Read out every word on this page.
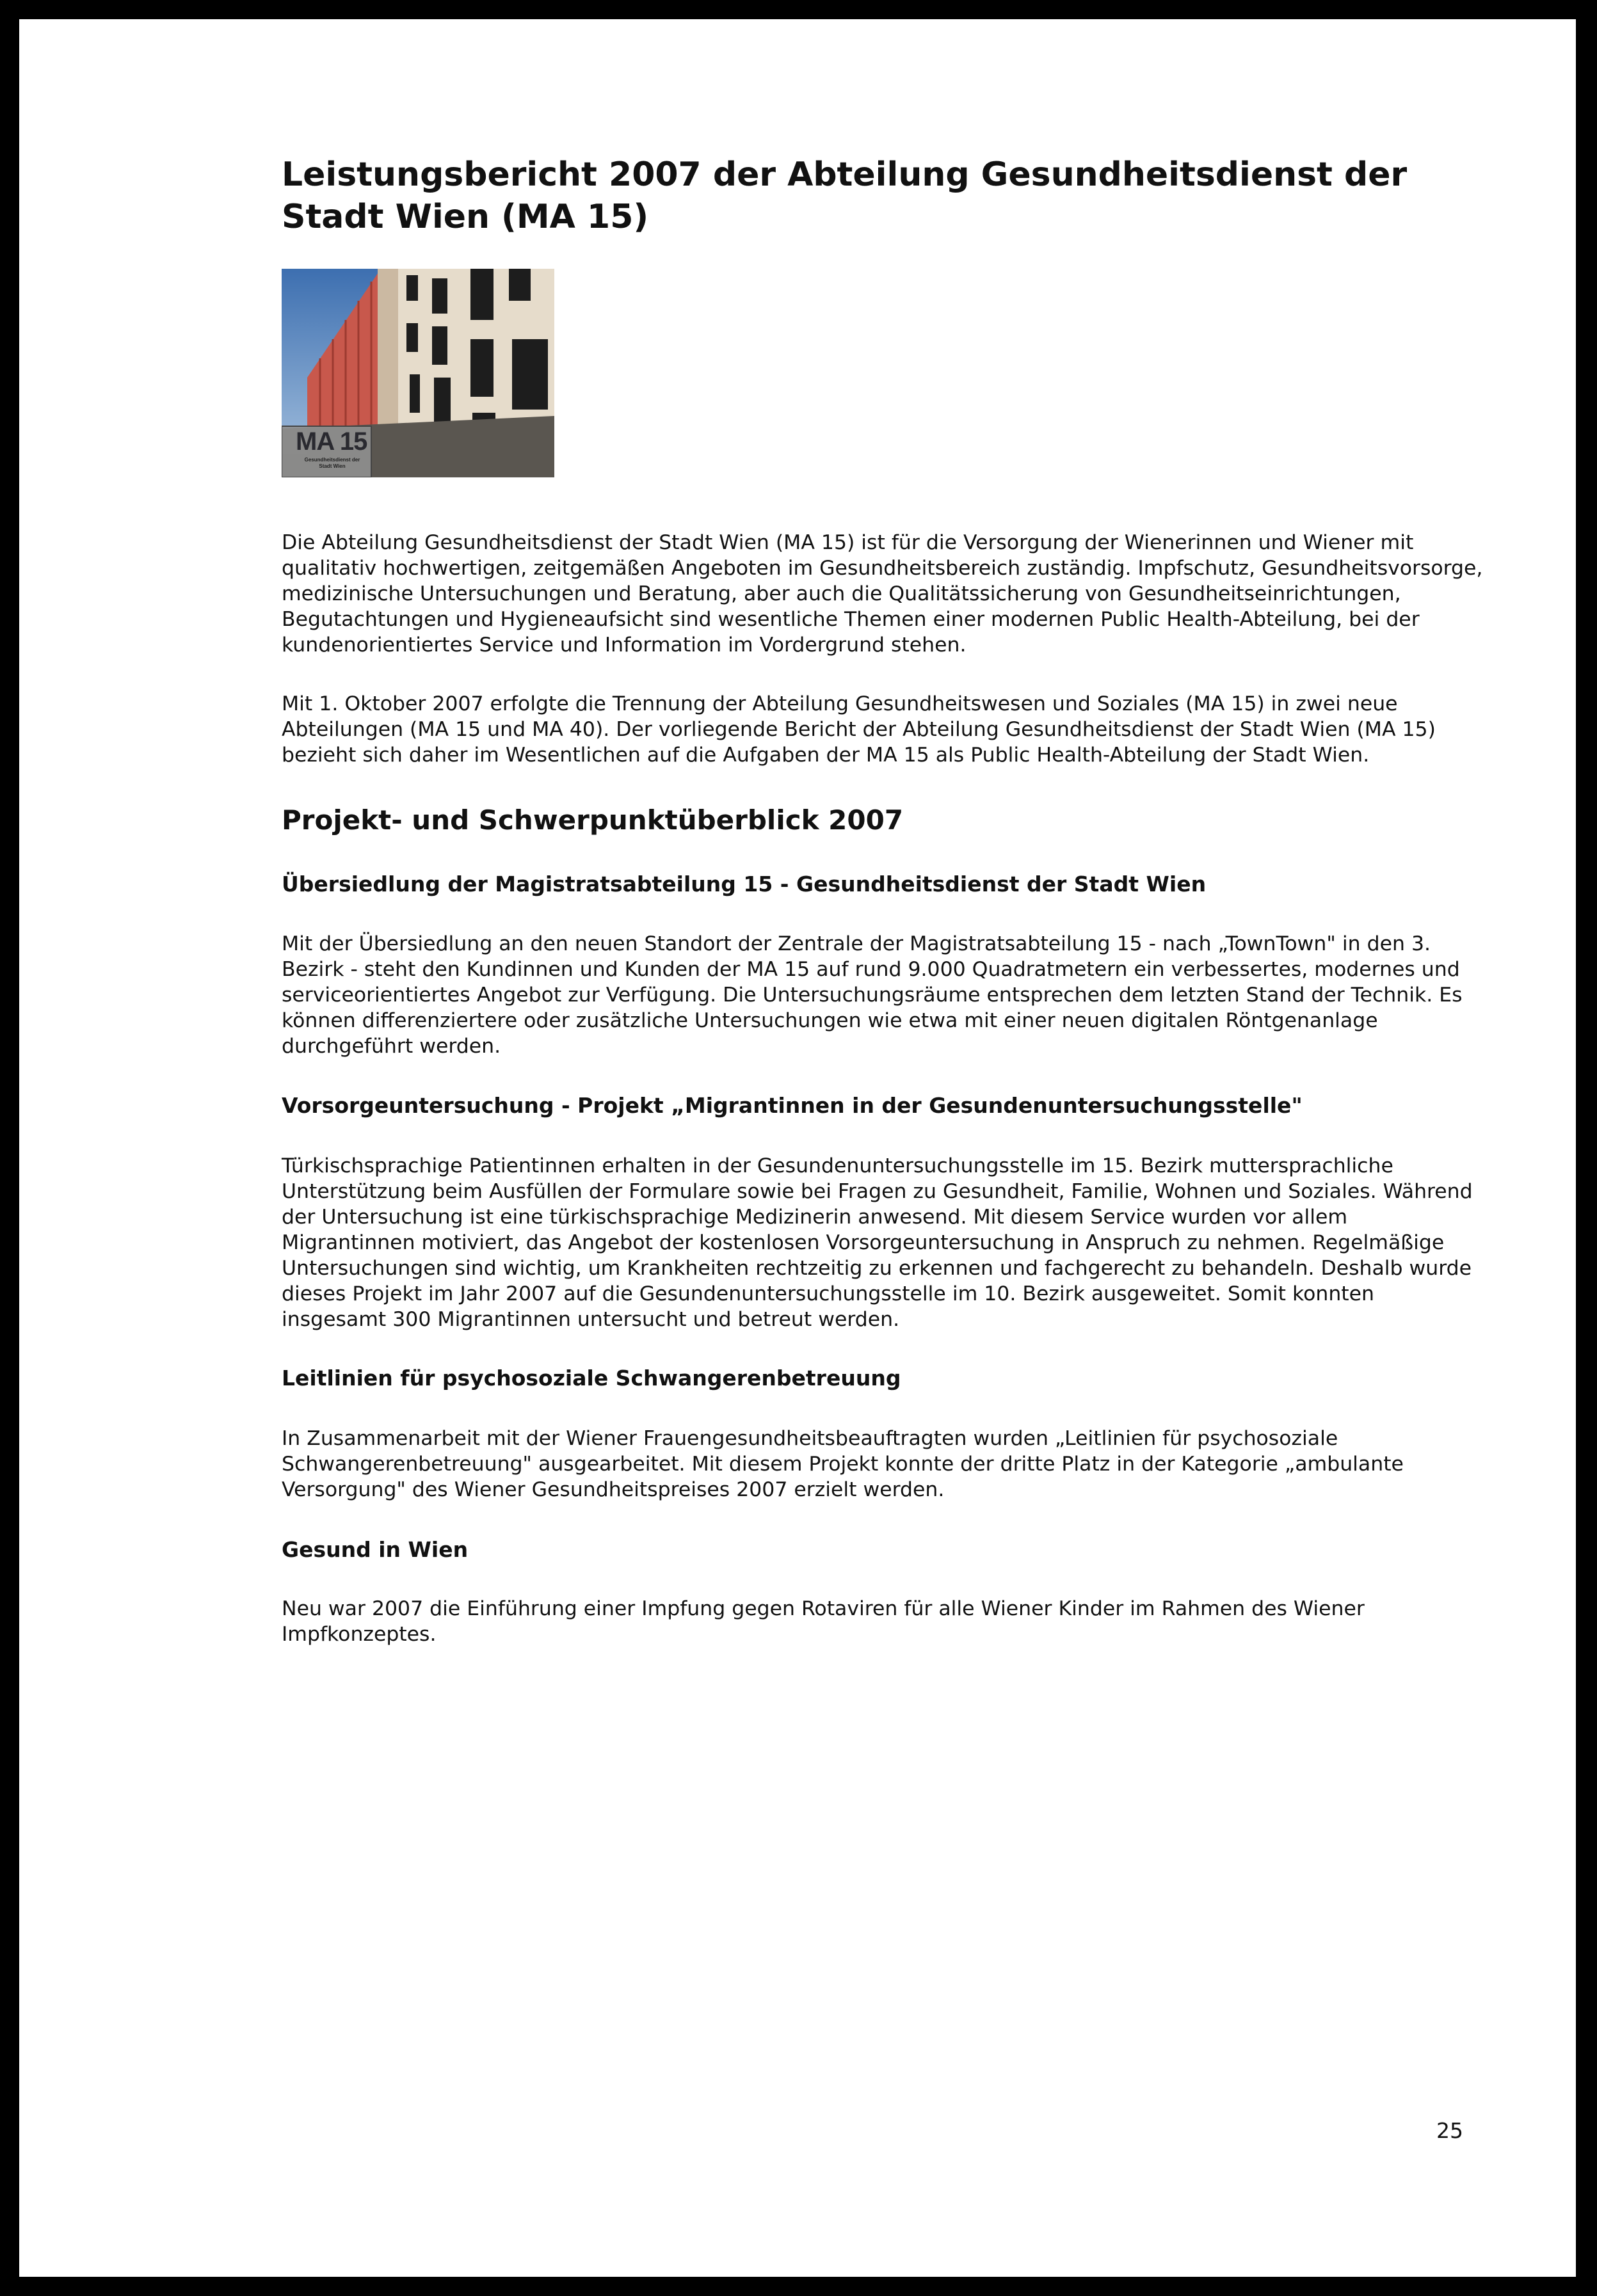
Leistungsbericht 2007 der Abteilung Gesundheitsdienst der Stadt Wien (MA 15)
MA 15
Gesundheitsdienst der Stadt Wien

Die Abteilung Gesundheitsdienst der Stadt Wien (MA 15) ist für die Versorgung der Wienerinnen und Wiener mit qualitativ hochwertigen, zeitgemäßen Angeboten im Gesundheitsbereich zuständig. Impfschutz, Gesundheitsvorsorge, medizinische Untersuchungen und Beratung, aber auch die Qualitätssicherung von Gesundheitseinrichtungen, Begutachtungen und Hygieneaufsicht sind wesentliche Themen einer modernen Public Health-Abteilung, bei der kundenorientiertes Service und Information im Vordergrund stehen.

Mit 1. Oktober 2007 erfolgte die Trennung der Abteilung Gesundheitswesen und Soziales (MA 15) in zwei neue Abteilungen (MA 15 und MA 40). Der vorliegende Bericht der Abteilung Gesundheitsdienst der Stadt Wien (MA 15) bezieht sich daher im Wesentlichen auf die Aufgaben der MA 15 als Public Health-Abteilung der Stadt Wien.

Projekt- und Schwerpunktüberblick 2007
Übersiedlung der Magistratsabteilung 15 - Gesundheitsdienst der Stadt Wien

Mit der Übersiedlung an den neuen Standort der Zentrale der Magistratsabteilung 15 - nach „TownTown" in den 3. Bezirk - steht den Kundinnen und Kunden der MA 15 auf rund 9.000 Quadratmetern ein verbessertes, modernes und serviceorientiertes Angebot zur Verfügung. Die Untersuchungsräume entsprechen dem letzten Stand der Technik. Es können differenziertere oder zusätzliche Untersuchungen wie etwa mit einer neuen digitalen Röntgenanlage durchgeführt werden.

Vorsorgeuntersuchung - Projekt „Migrantinnen in der Gesundenuntersuchungsstelle"

Türkischsprachige Patientinnen erhalten in der Gesundenuntersuchungsstelle im 15. Bezirk muttersprachliche Unterstützung beim Ausfüllen der Formulare sowie bei Fragen zu Gesundheit, Familie, Wohnen und Soziales. Während der Untersuchung ist eine türkischsprachige Medizinerin anwesend. Mit diesem Service wurden vor allem Migrantinnen motiviert, das Angebot der kostenlosen Vorsorgeuntersuchung in Anspruch zu nehmen. Regelmäßige Untersuchungen sind wichtig, um Krankheiten rechtzeitig zu erkennen und fachgerecht zu behandeln. Deshalb wurde dieses Projekt im Jahr 2007 auf die Gesundenuntersuchungsstelle im 10. Bezirk ausgeweitet. Somit konnten insgesamt 300 Migrantinnen untersucht und betreut werden.

Leitlinien für psychosoziale Schwangerenbetreuung

In Zusammenarbeit mit der Wiener Frauengesundheitsbeauftragten wurden „Leitlinien für psychosoziale Schwangerenbetreuung" ausgearbeitet. Mit diesem Projekt konnte der dritte Platz in der Kategorie „ambulante Versorgung" des Wiener Gesundheitspreises 2007 erzielt werden.

Gesund in Wien

Neu war 2007 die Einführung einer Impfung gegen Rotaviren für alle Wiener Kinder im Rahmen des Wiener Impfkonzeptes.

25
